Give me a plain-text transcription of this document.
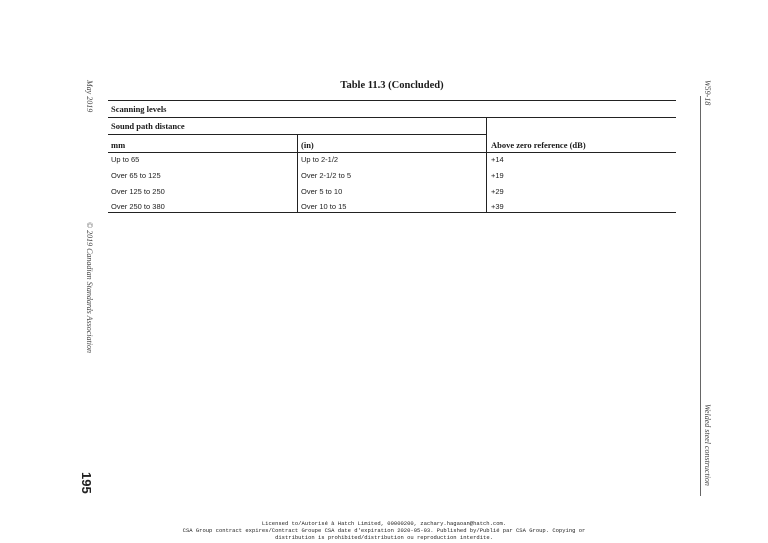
May 2019
© 2019 Canadian Standards Association
195
W59-18
Welded steel construction
Table 11.3 (Concluded)
Scanning levels
Sound path distance
mm	(in)	Above zero reference (dB)
Up to 65	Up to 2-1/2	+14
Over 65 to 125	Over 2-1/2 to 5	+19
Over 125 to 250	Over 5 to 10	+29
Over 250 to 380	Over 10 to 15	+39
Licensed to/Autorisé à Hatch Limited, 00000200, zachary.hagaoan@hatch.com.
CSA Group contract expires/Contract Groupe CSA date d'expiration 2020-05-03. Published by/Publié par CSA Group. Copying or
distribution is prohibited/distribution ou reproduction interdite.
